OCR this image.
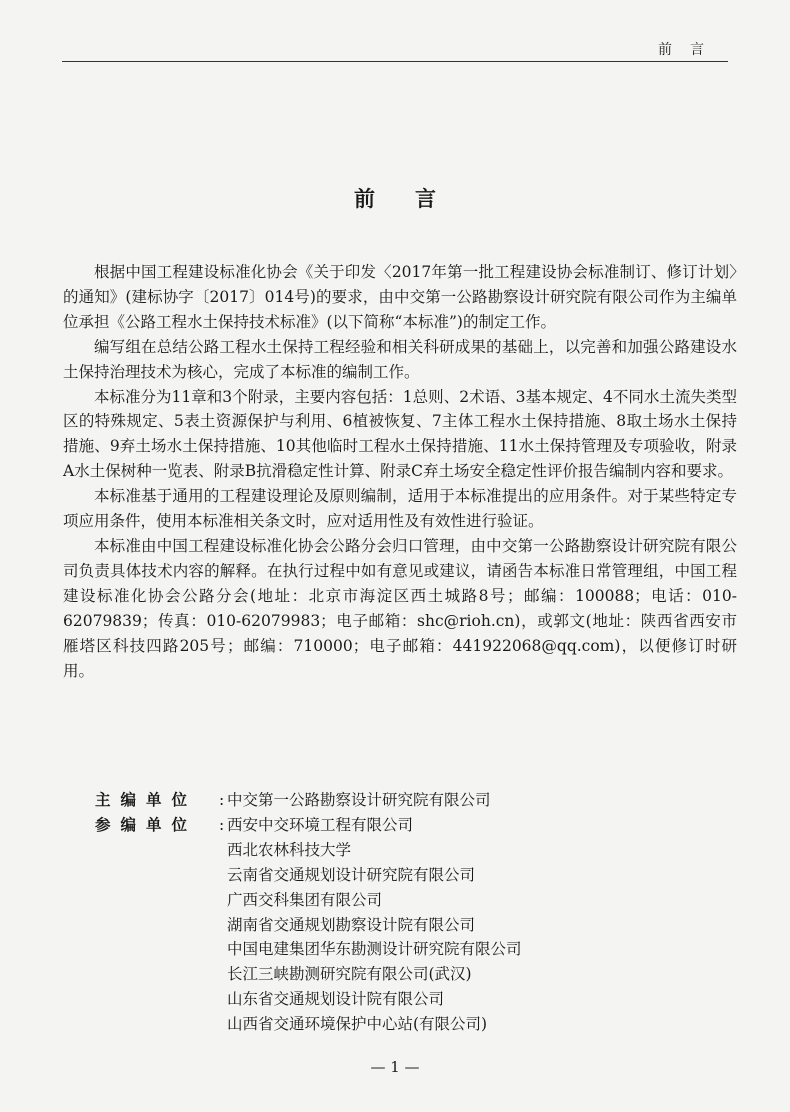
前言
前言

根据中国工程建设标准化协会《关于印发〈2017年第一批工程建设协会标准制订、修订计划〉的通知》(建标协字〔2017〕014号)的要求，由中交第一公路勘察设计研究院有限公司作为主编单位承担《公路工程水土保持技术标准》(以下简称“本标准”)的制定工作。

编写组在总结公路工程水土保持工程经验和相关科研成果的基础上，以完善和加强公路建设水土保持治理技术为核心，完成了本标准的编制工作。

本标准分为11章和3个附录，主要内容包括：1总则、2术语、3基本规定、4不同水土流失类型区的特殊规定、5表土资源保护与利用、6植被恢复、7主体工程水土保持措施、8取土场水土保持措施、9弃土场水土保持措施、10其他临时工程水土保持措施、11水土保持管理及专项验收，附录A水土保树种一览表、附录B抗滑稳定性计算、附录C弃土场安全稳定性评价报告编制内容和要求。

本标准基于通用的工程建设理论及原则编制，适用于本标准提出的应用条件。对于某些特定专项应用条件，使用本标准相关条文时，应对适用性及有效性进行验证。

本标准由中国工程建设标准化协会公路分会归口管理，由中交第一公路勘察设计研究院有限公司负责具体技术内容的解释。在执行过程中如有意见或建议，请函告本标准日常管理组，中国工程建设标准化协会公路分会(地址：北京市海淀区西土城路8号；邮编：100088；电话：010-62079839；传真：010-62079983；电子邮箱：shc@rioh.cn)，或郭文(地址：陕西省西安市雁塔区科技四路205号；邮编：710000；电子邮箱：441922068@qq.com)，以便修订时研用。

主编单位	: 中交第一公路勘察设计研究院有限公司
参编单位	: 西安中交环境工程有限公司
西北农林科技大学
云南省交通规划设计研究院有限公司
广西交科集团有限公司
湖南省交通规划勘察设计院有限公司
中国电建集团华东勘测设计研究院有限公司
长江三峡勘测研究院有限公司(武汉)
山东省交通规划设计院有限公司
山西省交通环境保护中心站(有限公司)
— 1 —
